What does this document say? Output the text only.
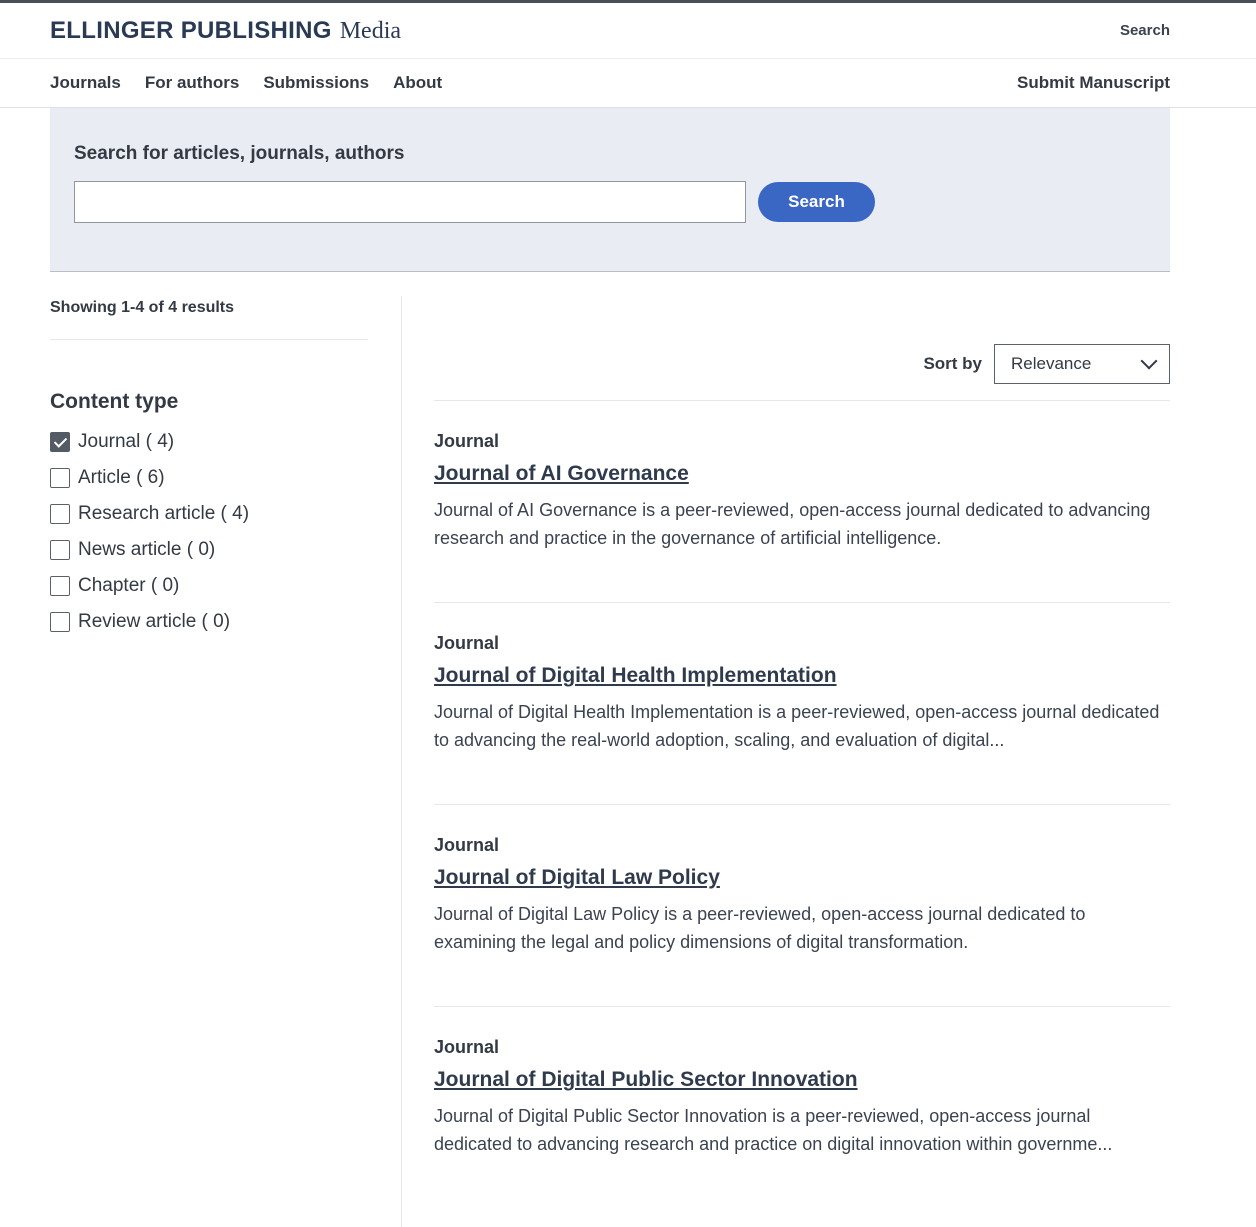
ELLINGER PUBLISHING Media	Search
Journals For authors Submissions About	Submit Manuscript
Search for articles, journals, authors
Search
Showing 1-4 of 4 results
Content type
Journal ( 4)
Article ( 6)
Research article ( 4)
News article ( 0)
Chapter ( 0)
Review article ( 0)
Sort by	Relevance
Journal
Journal of AI Governance

Journal of AI Governance is a peer-reviewed, open-access journal dedicated to advancing research and practice in the governance of artificial intelligence.

Journal
Journal of Digital Health Implementation

Journal of Digital Health Implementation is a peer-reviewed, open-access journal dedicated to advancing the real-world adoption, scaling, and evaluation of digital...

Journal
Journal of Digital Law Policy

Journal of Digital Law Policy is a peer-reviewed, open-access journal dedicated to examining the legal and policy dimensions of digital transformation.

Journal
Journal of Digital Public Sector Innovation

Journal of Digital Public Sector Innovation is a peer-reviewed, open-access journal dedicated to advancing research and practice on digital innovation within governme...
